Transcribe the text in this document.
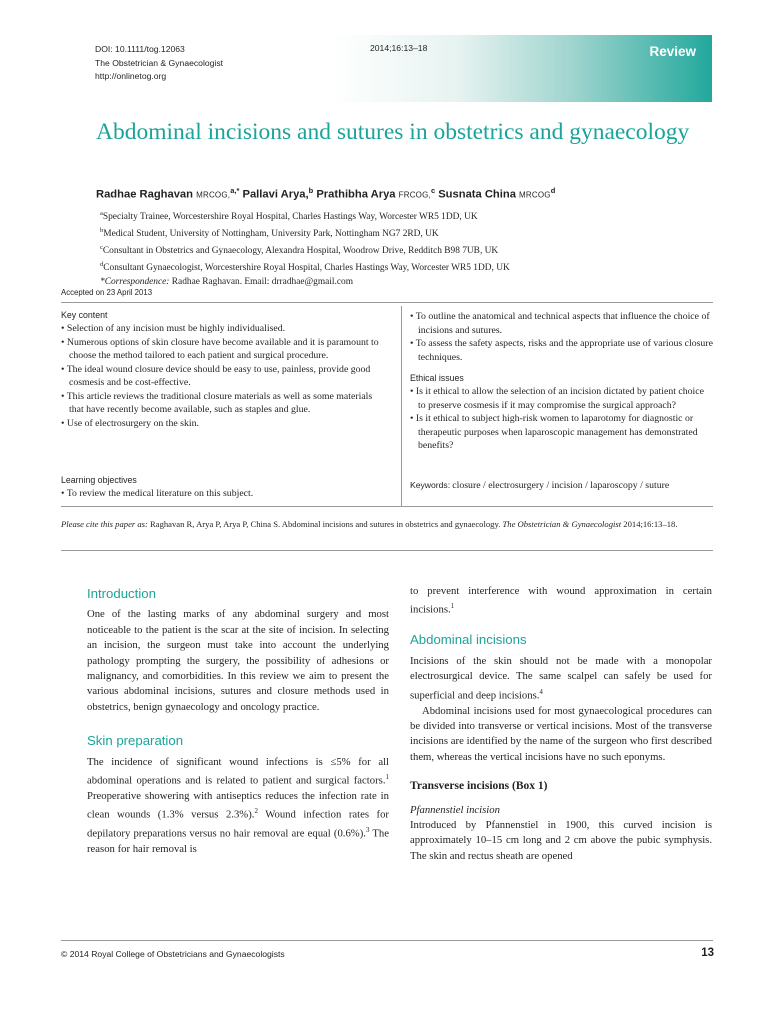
DOI: 10.1111/tog.12063
The Obstetrician & Gynaecologist
http://onlinetog.org
2014;16:13–18	Review
Abdominal incisions and sutures in obstetrics and gynaecology
Radhae Raghavan MRCOG,$^{a,*}$ Pallavi Arya,$^b$ Prathibha Arya FRCOG,$^c$ Susnata China MRCOG$^d$
$^a$Specialty Trainee, Worcestershire Royal Hospital, Charles Hastings Way, Worcester WR5 1DD, UK
$^b$Medical Student, University of Nottingham, University Park, Nottingham NG7 2RD, UK
$^c$Consultant in Obstetrics and Gynaecology, Alexandra Hospital, Woodrow Drive, Redditch B98 7UB, UK
$^d$Consultant Gynaecologist, Worcestershire Royal Hospital, Charles Hastings Way, Worcester WR5 1DD, UK
*Correspondence: Radhae Raghavan. Email: drradhae@gmail.com
Accepted on 23 April 2013
Key content

• Selection of any incision must be highly individualised.

• Numerous options of skin closure have become available and it is paramount to choose the method tailored to each patient and surgical procedure.

• The ideal wound closure device should be easy to use, painless, provide good cosmesis and be cost-effective.

• This article reviews the traditional closure materials as well as some materials that have recently become available, such as staples and glue.

• Use of electrosurgery on the skin.

Learning objectives

• To review the medical literature on this subject.

• To outline the anatomical and technical aspects that influence the choice of incisions and sutures.

• To assess the safety aspects, risks and the appropriate use of various closure techniques.

Ethical issues

• Is it ethical to allow the selection of an incision dictated by patient choice to preserve cosmesis if it may compromise the surgical approach?

• Is it ethical to subject high-risk women to laparotomy for diagnostic or therapeutic purposes when laparoscopic management has demonstrated benefits?

Keywords: closure / electrosurgery / incision / laparoscopy / suture
Please cite this paper as: Raghavan R, Arya P, Arya P, China S. Abdominal incisions and sutures in obstetrics and gynaecology. The Obstetrician & Gynaecologist 2014;16:13–18.
Introduction

One of the lasting marks of any abdominal surgery and most noticeable to the patient is the scar at the site of incision. In selecting an incision, the surgeon must take into account the underlying pathology prompting the surgery, the possibility of adhesions or malignancy, and comorbidities. In this review we aim to present the various abdominal incisions, sutures and closure methods used in obstetrics, benign gynaecology and oncology practice.

Skin preparation

The incidence of significant wound infections is ≤5% for all abdominal operations and is related to patient and surgical factors.$^1$ Preoperative showering with antiseptics reduces the infection rate in clean wounds (1.3% versus 2.3%).$^2$ Wound infection rates for depilatory preparations versus no hair removal are equal (0.6%).$^3$ The reason for hair removal is

to prevent interference with wound approximation in certain incisions.$^1$

Abdominal incisions

Incisions of the skin should not be made with a monopolar electrosurgical device. The same scalpel can safely be used for superficial and deep incisions.$^4$

Abdominal incisions used for most gynaecological procedures can be divided into transverse or vertical incisions. Most of the transverse incisions are identified by the name of the surgeon who first described them, whereas the vertical incisions have no such eponyms.

Transverse incisions (Box 1)
Pfannenstiel incision

Introduced by Pfannenstiel in 1900, this curved incision is approximately 10–15 cm long and 2 cm above the pubic symphysis. The skin and rectus sheath are opened

© 2014 Royal College of Obstetricians and Gynaecologists	13
